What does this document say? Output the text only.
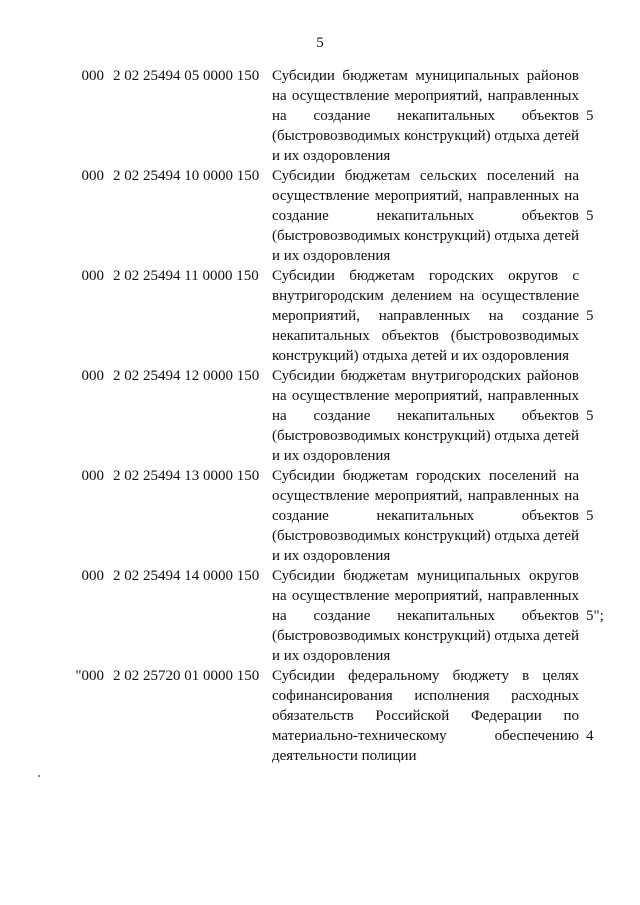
5
000 2 02 25494 05 0000 150 Субсидии бюджетам муниципальных районов на осуществление мероприятий, направленных на создание некапитальных объектов (быстровозводимых конструкций) отдыха детей и их оздоровления
5
000 2 02 25494 10 0000 150 Субсидии бюджетам сельских поселений на осуществление мероприятий, направленных на создание некапитальных объектов (быстровозводимых конструкций) отдыха детей и их оздоровления
5
000 2 02 25494 11 0000 150 Субсидии бюджетам городских округов с внутригородским делением на осуществление мероприятий, направленных на создание некапитальных объектов (быстровозводимых конструкций) отдыха детей и их оздоровления
5
000 2 02 25494 12 0000 150 Субсидии бюджетам внутригородских районов на осуществление мероприятий, направленных на создание некапитальных объектов (быстровозводимых конструкций) отдыха детей и их оздоровления
5
000 2 02 25494 13 0000 150 Субсидии бюджетам городских поселений на осуществление мероприятий, направленных на создание некапитальных объектов (быстровозводимых конструкций) отдыха детей и их оздоровления
5
000 2 02 25494 14 0000 150 Субсидии бюджетам муниципальных округов на осуществление мероприятий, направленных на создание некапитальных объектов (быстровозводимых конструкций) отдыха детей и их оздоровления
5";
"000 2 02 25720 01 0000 150 Субсидии федеральному бюджету в целях софинансирования исполнения расходных обязательств Российской Федерации по материально-техническому обеспечению деятельности полиции
4
